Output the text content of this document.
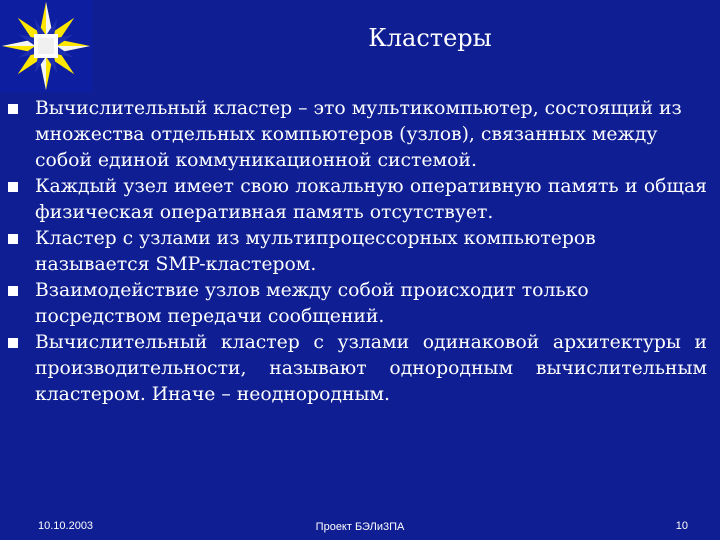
Кластеры
Вычислительный кластер – это мультикомпьютер, состоящий из множества отдельных компьютеров (узлов), связанных между собой единой коммуникационной системой.
Каждый узел имеет свою локальную оперативную память и общая физическая оперативная память отсутствует.
Кластер с узлами из мультипроцессорных компьютеров называется SMP-кластером.
Взаимодействие узлов между собой происходит только посредством передачи сообщений.
Вычислительный кластер с узлами одинаковой архитектуры и производительности, называют однородным вычислительным кластером. Иначе – неоднородным.
10.10.2003	Проект БЭЛи3ПА	10
